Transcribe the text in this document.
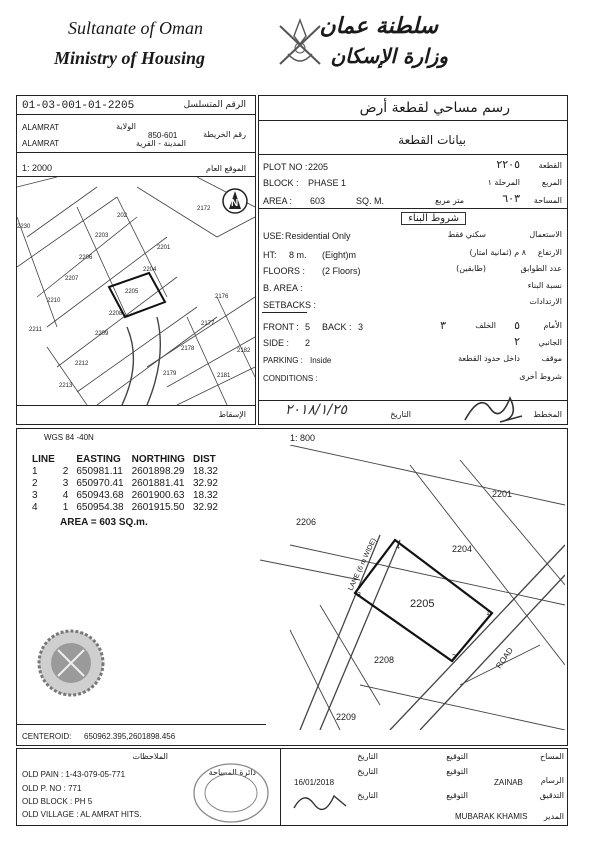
Sultanate of Oman
Ministry of Housing	وزارة الإسكان
سلطنة عمان
01-03-001-01-2205	الرقم المتسلسل
ALAMRAT
850-601
الولاية
رقم الخريطة
ALAMRAT	المدينة - القرية
1: 2000	الموقع العام
202
2203
2201
2230
2206
2204
2207
2205
2210
2208
2211
2209
2212
2213
2172
2176
2177
2178	2182
2179	2181
N
الإسقاط
رسم مساحي لقطعة أرض
بيانات القطعة
PLOT NO : 2205	٢٢٠٥ القطعة
BLOCK : PHASE 1	المرحلة ١	المربع
AREA : 603	SQ. M.	٦٠٣
متر مربع	المساحة
شروط البناء
USE: Residential Only	سكني فقط	الاستعمال
HT: 8 m. (Eight)m	٨ م (ثمانية امتار) الارتفاع
FLOORS : (2 Floors)	(طابقين)	عدد الطوابق
B. AREA :	نسبة البناء
SETBACKS :	الارتدادات
FRONT : 5 BACK : 3	٣	الخلف ٥	الأمام
SIDE : 2	٢ الجانبي
PARKING : Inside	داخل حدود القطعة	موقف
CONDITIONS :	شروط أخرى
٢٠١٨/١/٢٥	التاريخ	المخطط
WGS 84 -40N	1: 800
LINE		EASTING	NORTHING	DIST
1	2	650981.11	2601898.29	18.32
2	3	650970.41	2601881.41	32.92
3	4	650943.68	2601900.63	18.32
4	1	650954.38	2601915.50	32.92
AREA = 603 SQ.m.
2205
2201
2204
2206
2208
2209
LANE (6 m WIDE)
ROAD
1
2
3
4
CENTEROID: 650962.395,2601898.456
الملاحظات
OLD PAIN : 1-43-079-05-771
OLD P. NO : 771
OLD BLOCK : PH 5
OLD VILLAGE : AL AMRAT HITS.
دائرة المساحة
التوقيع
التاريخ	المساح
التوقيع
التاريخ
16/01/2018	ZAINAB الرسام
التوقيع
التاريخ	التدقيق
MUBARAK KHAMIS المدير
